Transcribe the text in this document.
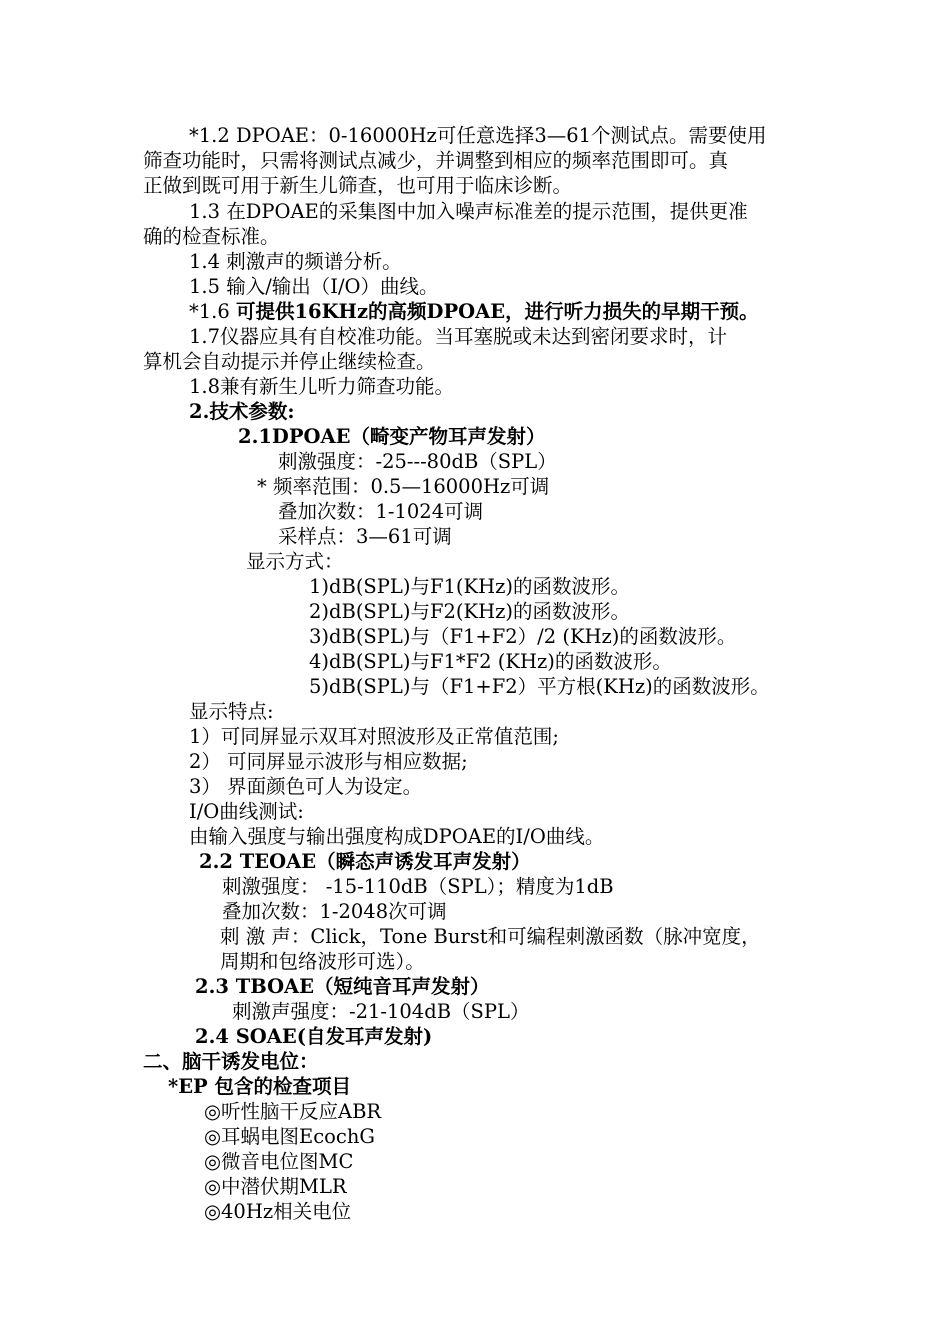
*1.2 DPOAE：0-16000Hz可任意选择3—61个测试点。需要使用
筛查功能时，只需将测试点减少，并调整到相应的频率范围即可。真
正做到既可用于新生儿筛查，也可用于临床诊断。
1.3 在DPOAE的采集图中加入噪声标准差的提示范围，提供更准
确的检查标准。
1.4 刺激声的频谱分析。
1.5 输入/输出（I/O）曲线。
*1.6 可提供16KHz的高频DPOAE，进行听力损失的早期干预。
1.7仪器应具有自校准功能。当耳塞脱或未达到密闭要求时，计
算机会自动提示并停止继续检查。
1.8兼有新生儿听力筛查功能。
2.技术参数:
2.1DPOAE（畸变产物耳声发射）
刺激强度：-25---80dB（SPL）
* 频率范围：0.5—16000Hz可调
叠加次数：1-1024可调
采样点：3—61可调
显示方式：
1)dB(SPL)与F1(KHz)的函数波形。
2)dB(SPL)与F2(KHz)的函数波形。
3)dB(SPL)与（F1+F2）/2 (KHz)的函数波形。
4)dB(SPL)与F1*F2 (KHz)的函数波形。
5)dB(SPL)与（F1+F2）平方根(KHz)的函数波形。
显示特点:
1）可同屏显示双耳对照波形及正常值范围;
2） 可同屏显示波形与相应数据;
3） 界面颜色可人为设定。
I/O曲线测试:
由输入强度与输出强度构成DPOAE的I/O曲线。
2.2 TEOAE（瞬态声诱发耳声发射）
刺激强度： -15-110dB（SPL）；精度为1dB
叠加次数：1-2048次可调
刺 激 声：Click，Tone Burst和可编程刺激函数（脉冲宽度，
周期和包络波形可选）。
2.3 TBOAE（短纯音耳声发射）
刺激声强度：-21-104dB（SPL）
2.4 SOAE(自发耳声发射)
二、脑干诱发电位：
*EP 包含的检查项目
◎听性脑干反应ABR
◎耳蜗电图EcochG
◎微音电位图MC
◎中潜伏期MLR
◎40Hz相关电位
